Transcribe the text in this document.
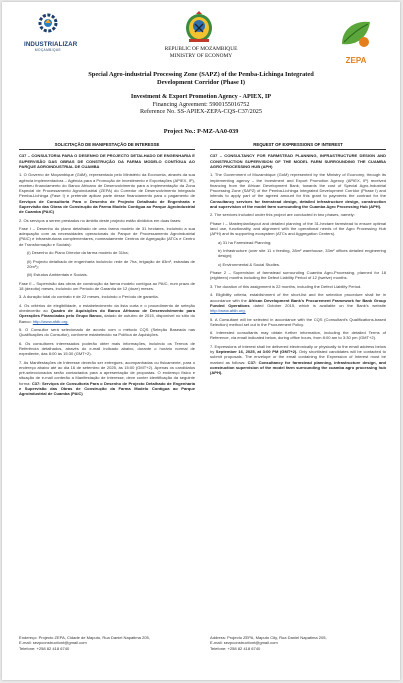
INDUSTRIALIZAR
MOÇAMBIQUE
ZEPA
REPUBLIC OF MOZAMBIQUE
MINISTRY OF ECONOMY
Special Agro-industrial Processing Zone (SAPZ) of the Pemba-Lichinga Integrated
Development Corridor (Phase I)
Investment & Export Promotion Agency - APIEX, IP
Financing Agreement: 5900155016752
Reference No. SS-APIEX-ZEPA-CQS-C37/2025
Project No.: P-MZ-AA0-039
SOLICITAÇÃO DE MANIFESTAÇÃO DE INTERESSE

C37 – CONSULTORIA PARA O DESENHO DE PROJECTO DETALHADO DE ENGENHARIA E SUPERVISÃO DAS OBRAS DE CONSTRUÇÃO DA FARMA MODELO CONTÍGUA AO PARQUE AGROINDUSTRIAL DE CUAMBA

1. O Governo de Moçambique (GdM), representado pelo Ministério da Economia, através da sua agência implementadora – Agência para a Promoção de Investimento e Exportações (APIEX, IP), recebeu financiamento do Banco Africano de Desenvolvimento para a implementação da Zona Especial de Processamento Agroindustrial (ZEPA) do Corredor de Desenvolvimento Integrado Pemba-Lichinga (Fase I) e pretende aplicar parte desse financiamento para o pagamento de Serviços de Consultoria Para o Desenho de Projecto Detalhado de Engenharia e Supervisão das Obras de Construção da Farma Modelo Contígua ao Parque Agroindustrial de Cuamba (PAIC)

2. Os serviços a serem prestados no âmbito deste projecto estão divididos em duas fases:

Fase I – Desenho do plano detalhado de uma farma modelo de 31 hectares, incluindo a sua adequação com as necessidades operacionais do Parque de Processamento Agroindustrial (PAIC) e infraestruturas complementares, nomeadamente Centros de Agregação (ATCs e Centro de Transformação e Sociais):

(i) Desenho do Plano Director da farma modelo de 31ha;

(ii) Projecto detalhado de engenharia incluindo: rede de 7ha, irrigação de 83m², estradas de 20m²);

(iii) Estudos Ambientais e Sociais.

Fase II – Supervisão das obras de construção da farma modelo contígua ao PAIC, num prazo de 18 (dezoito) meses, incluindo um Período de Garantia de 12 (doze) meses.

3. A duração total do contrato é de 22 meses, incluindo o Período de garantia.

4. Os critérios de elegibilidade, o estabelecimento da lista curta e o procedimento de seleção obedecerão ao Quadro de Aquisições do Banco Africano de Desenvolvimento para Operações Financiadas pelo Grupo Banco, datado de outubro de 2015, disponível no sítio do Banco: http://www.afdb.org.

5. O Consultor será selecionado de acordo com o método CQS (Seleção Baseada nas Qualificações do Consultor), conforme estabelecido na Política de Aquisições.

6. Os consultores interessados poderão obter mais informações, incluindo os Termos de Referência detalhados, através do e-mail indicado abaixo, durante o horário normal de expediente, das 8:00 às 15:30 (GMT+2).

7. As Manifestações de Interesse deverão ser entregues, acompanhadas ou fisicamente, para o endereço abaixo até ao dia 16 de setembro de 2025, às 15:00 (GMT+2). Apenas os candidatos pré-seleccionados serão contactados para a apresentação de propostas. O endereço físico e situação de e-mail conterão a Manifestação de Interesse, deve conter identificação da seguinte forma: C37: Serviços de Consultoria Para o Desenho de Projecto Detalhado de Engenharia e Supervisão das Obras de Construção da Farma Modelo Contígua ao Parque Agroindustrial de Cuamba (PAIC)

REQUEST OF EXPRESSIONS OF INTEREST

C37 – CONSULTANCY FOR FARMSTEAD PLANNING, INFRASTRUCTURE DESIGN AND CONSTRUCTION SUPERVISION OF THE MODEL FARM SURROUNDING THE CUAMBA AGRO PROCESSING HUB (APH)

1. The Government of Mozambique (GoM) represented by the Ministry of Economy, through its implementing agency – the Investment and Export Promotion Agency (APIEX, IP) received financing from the African Development Bank, towards the cost of Special Agro-Industrial Processing Zone (SAPZ) of the Pemba-Lichinga Integrated Development Corridor (Phase I) and intends to apply part of the agreed amount for this grant to payments the contract for the Consultancy services for farmstead design, detailed infrastructure design, construction and supervision of the model farm surrounding the Cuamba Agro Processing Hub (APH).

2. The services included under this project are conducted in two phases, namely:

Phase I – Masterplan/layout and detailed planning of the 31-hectare farmstead to ensure optimal land use, functionality, and alignment with the operational needs of the Agro Processing Hub (APH) and its supporting ecosystem (ATCs and Aggregation Centers).

a) 31 ha Farmstead Planning;

b) Infrastructure (over site 11 x feeding, 28m² warehouse, 33m² offices detailed engineering design);

c) Environmental & Social Studies.

Phase 2 – Supervision of farmstead surrounding Cuamba Agro-Processing, planned for 18 (eighteen) months including the Defect Liability Period of 12 (twelve) months.

3. The duration of this assignment is 22 months, including the Defect Liability Period.

4. Eligibility criteria, establishment of the short-list and the selection procedure shall be in accordance with the African Development Bank's Procurement Framework for Bank Group Funded Operations dated October 2015, which is available on the Bank's website http://www.afdb.org.

5. A Consultant will be selected in accordance with the CQS (Consultant's Qualifications-based Selection) method set out in the Procurement Policy.

6. Interested consultants may obtain further information, including the detailed Terms of Reference, via email indicated below, during office hours, from 8:00 am to 3:30 pm (GMT+2).

7. Expressions of interest shall be delivered electronically or physically to the email address below by September 16, 2025, at 3:00 PM (GMT+2). Only shortlisted candidates will be contacted to submit proposals. The envelope or the email containing the Expression of Interest must be marked as follows: C37: Consultancy for farmstead planning, infrastructure design, and construction supervision of the model farm surrounding the cuamba agro processing hub (APH).

Endereço: Projecto ZEPA, Cidade de Maputo, Rua Daniel Napatima 205,
E-mail: sezpconstructiont@gmail.com
Telefone: +258 82 418 6740
Address: Projecto ZEPA, Maputo City, Rua Daniel Napatima 205,
E-mail: sezpconstructiont@gmail.com
Telefone: +258 82 418 6740
